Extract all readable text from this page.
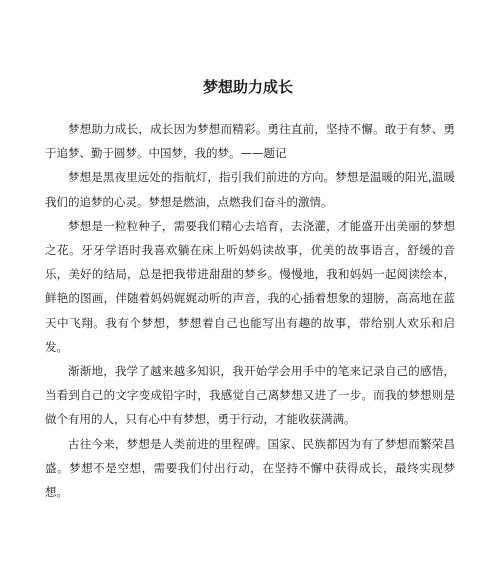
梦想助力成长

梦想助力成长，成长因为梦想而精彩。勇往直前，坚持不懈。敢于有梦、勇于追梦、勤于圆梦。中国梦，我的梦。——题记

梦想是黑夜里远处的指航灯，指引我们前进的方向。梦想是温暖的阳光,温暖我们的追梦的心灵。梦想是燃油，点燃我们奋斗的激情。

梦想是一粒粒种子，需要我们精心去培育，去浇灌，才能盛开出美丽的梦想之花。牙牙学语时我喜欢躺在床上听妈妈读故事，优美的故事语言，舒缓的音乐，美好的结局，总是把我带进甜甜的梦乡。慢慢地，我和妈妈一起阅读绘本，鲜艳的图画，伴随着妈妈娓娓动听的声音，我的心插着想象的翅膀，高高地在蓝天中飞翔。我有个梦想，梦想着自己也能写出有趣的故事，带给别人欢乐和启发。

渐渐地，我学了越来越多知识，我开始学会用手中的笔来记录自己的感悟，当看到自己的文字变成铅字时，我感觉自己离梦想又进了一步。而我的梦想则是做个有用的人，只有心中有梦想，勇于行动，才能收获满满。

古往今来，梦想是人类前进的里程碑。国家、民族都因为有了梦想而繁荣昌盛。梦想不是空想，需要我们付出行动，在坚持不懈中获得成长，最终实现梦想。
